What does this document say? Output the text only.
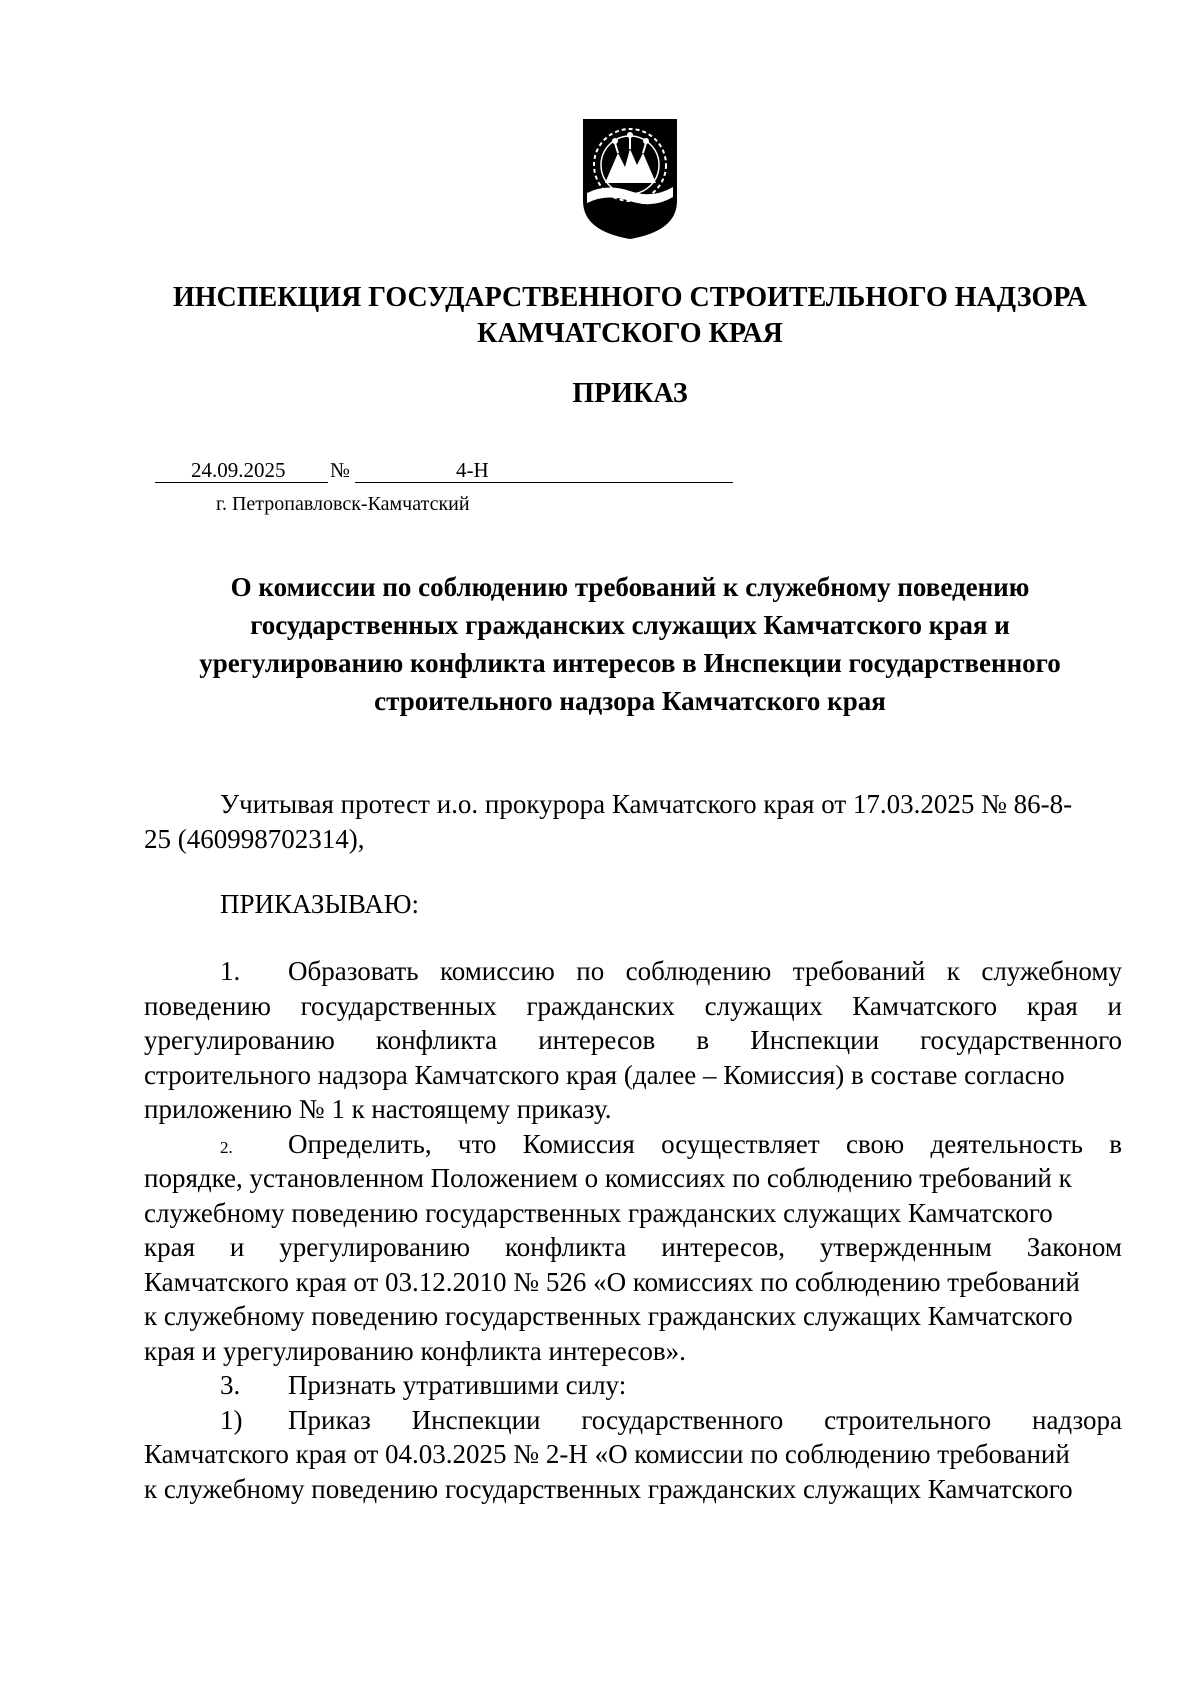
ИНСПЕКЦИЯ ГОСУДАРСТВЕННОГО СТРОИТЕЛЬНОГО НАДЗОРА
КАМЧАТСКОГО КРАЯ
ПРИКАЗ
24.09.2025 №	4-Н
г. Петропавловск-Камчатский
О комиссии по соблюдению требований к служебному поведению
государственных гражданских служащих Камчатского края и
урегулированию конфликта интересов в Инспекции государственного
строительного надзора Камчатского края
Учитывая протест и.о. прокурора Камчатского края от 17.03.2025 № 86-8-
25 (460998702314),
ПРИКАЗЫВАЮ:
1. Образовать комиссию по соблюдению требований к служебному
поведению государственных гражданских служащих Камчатского края и
урегулированию конфликта интересов в Инспекции государственного
строительного надзора Камчатского края (далее – Комиссия) в составе согласно
приложению № 1 к настоящему приказу.
2. Определить, что Комиссия осуществляет свою деятельность в
порядке, установленном Положением о комиссиях по соблюдению требований к
служебному поведению государственных гражданских служащих Камчатского
края и урегулированию конфликта интересов, утвержденным Законом
Камчатского края от 03.12.2010 № 526 «О комиссиях по соблюдению требований
к служебному поведению государственных гражданских служащих Камчатского
края и урегулированию конфликта интересов».
3. Признать утратившими силу:
1) Приказ Инспекции государственного строительного надзора
Камчатского края от 04.03.2025 № 2-Н «О комиссии по соблюдению требований
к служебному поведению государственных гражданских служащих Камчатского
